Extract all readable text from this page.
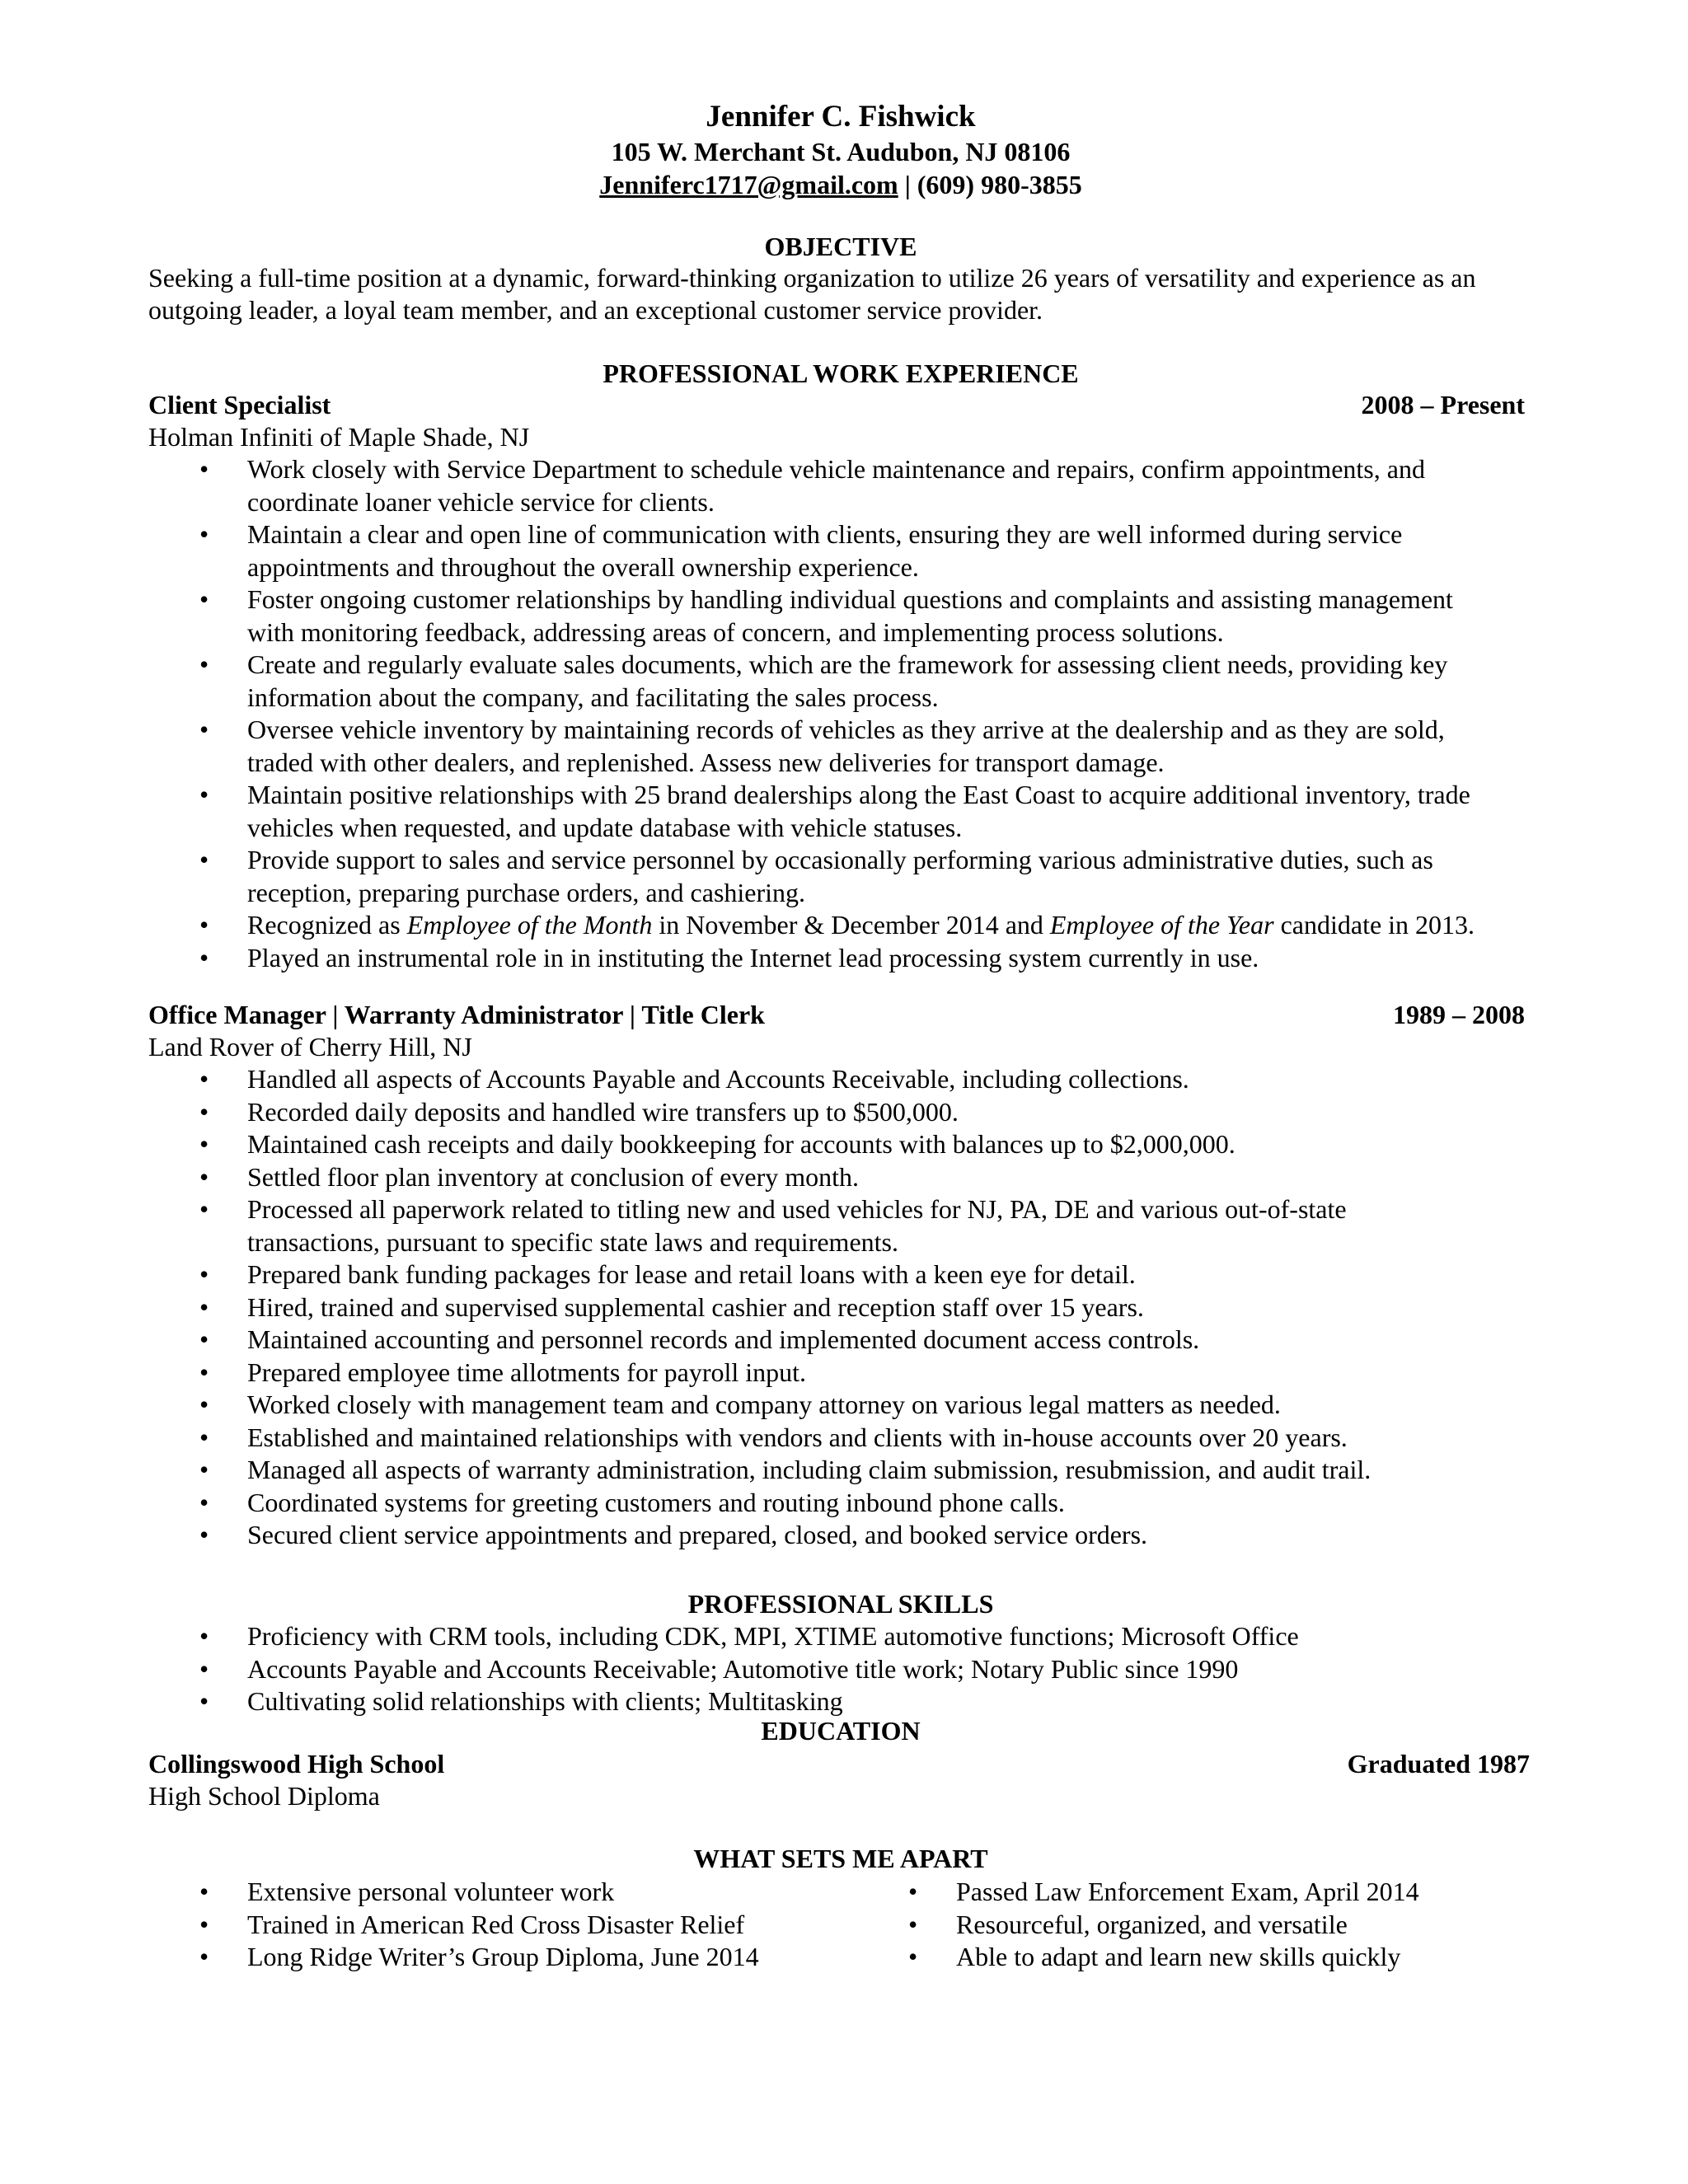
Jennifer C. Fishwick
105 W. Merchant St. Audubon, NJ 08106
Jenniferc1717@gmail.com | (609) 980-3855
OBJECTIVE
Seeking a full-time position at a dynamic, forward-thinking organization to utilize 26 years of versatility and experience as an
outgoing leader, a loyal team member, and an exceptional customer service provider.
PROFESSIONAL WORK EXPERIENCE
Client Specialist	2008 – Present
Holman Infiniti of Maple Shade, NJ
• Work closely with Service Department to schedule vehicle maintenance and repairs, confirm appointments, and
coordinate loaner vehicle service for clients.
• Maintain a clear and open line of communication with clients, ensuring they are well informed during service
appointments and throughout the overall ownership experience.
• Foster ongoing customer relationships by handling individual questions and complaints and assisting management
with monitoring feedback, addressing areas of concern, and implementing process solutions.
• Create and regularly evaluate sales documents, which are the framework for assessing client needs, providing key
information about the company, and facilitating the sales process.
• Oversee vehicle inventory by maintaining records of vehicles as they arrive at the dealership and as they are sold,
traded with other dealers, and replenished. Assess new deliveries for transport damage.
• Maintain positive relationships with 25 brand dealerships along the East Coast to acquire additional inventory, trade
vehicles when requested, and update database with vehicle statuses.
• Provide support to sales and service personnel by occasionally performing various administrative duties, such as
reception, preparing purchase orders, and cashiering.
• Recognized as Employee of the Month in November & December 2014 and Employee of the Year candidate in 2013.
• Played an instrumental role in in instituting the Internet lead processing system currently in use.
Office Manager | Warranty Administrator | Title Clerk	1989 – 2008
Land Rover of Cherry Hill, NJ
• Handled all aspects of Accounts Payable and Accounts Receivable, including collections.
• Recorded daily deposits and handled wire transfers up to $500,000.
• Maintained cash receipts and daily bookkeeping for accounts with balances up to $2,000,000.
• Settled floor plan inventory at conclusion of every month.
• Processed all paperwork related to titling new and used vehicles for NJ, PA, DE and various out-of-state
transactions, pursuant to specific state laws and requirements.
• Prepared bank funding packages for lease and retail loans with a keen eye for detail.
• Hired, trained and supervised supplemental cashier and reception staff over 15 years.
• Maintained accounting and personnel records and implemented document access controls.
• Prepared employee time allotments for payroll input.
• Worked closely with management team and company attorney on various legal matters as needed.
• Established and maintained relationships with vendors and clients with in-house accounts over 20 years.
• Managed all aspects of warranty administration, including claim submission, resubmission, and audit trail.
• Coordinated systems for greeting customers and routing inbound phone calls.
• Secured client service appointments and prepared, closed, and booked service orders.
PROFESSIONAL SKILLS
• Proficiency with CRM tools, including CDK, MPI, XTIME automotive functions; Microsoft Office
• Accounts Payable and Accounts Receivable; Automotive title work; Notary Public since 1990
• Cultivating solid relationships with clients; Multitasking
EDUCATION
Collingswood High School	Graduated 1987
High School Diploma
WHAT SETS ME APART
• Extensive personal volunteer work
• Trained in American Red Cross Disaster Relief
• Long Ridge Writer’s Group Diploma, June 2014
• Passed Law Enforcement Exam, April 2014
• Resourceful, organized, and versatile
• Able to adapt and learn new skills quickly
